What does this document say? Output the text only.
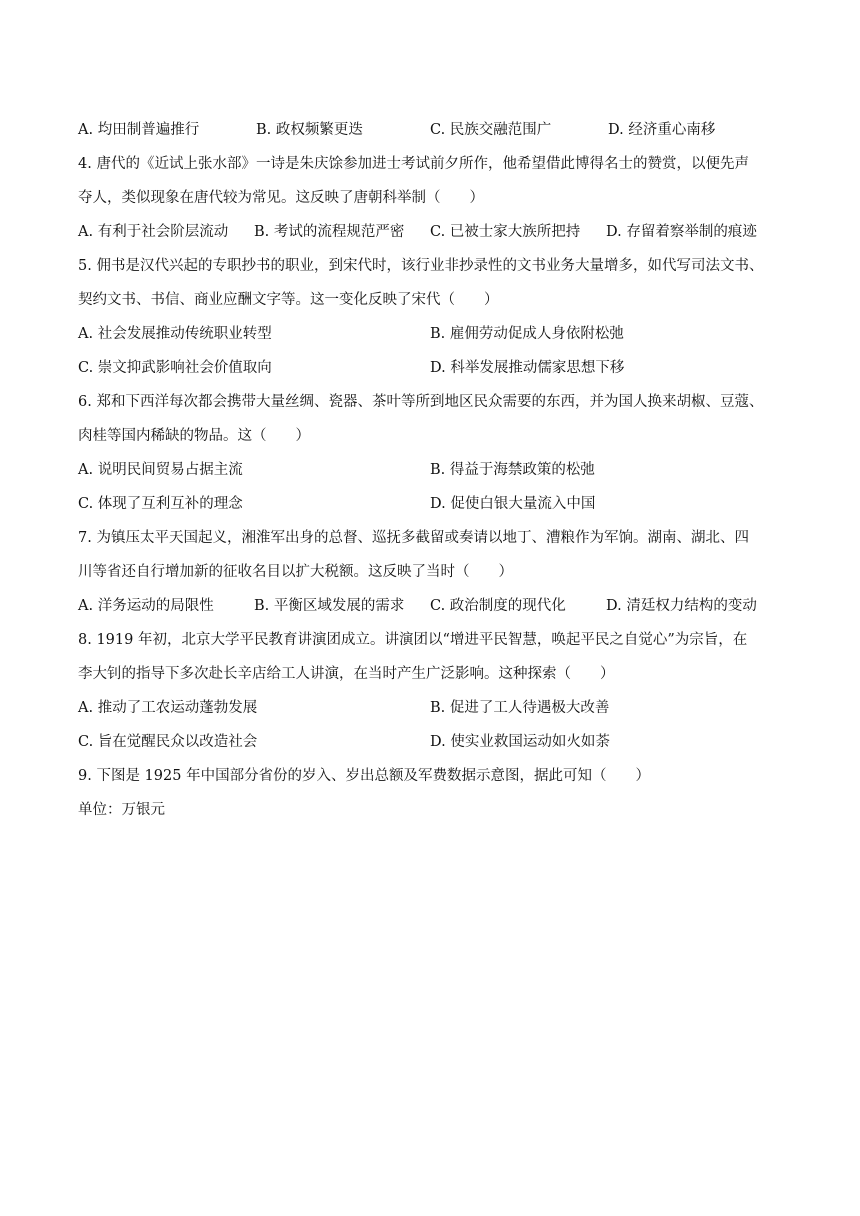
A. 均田制普遍推行	B. 政权频繁更迭	C. 民族交融范围广	D. 经济重心南移
4. 唐代的《近试上张水部》一诗是朱庆馀参加进士考试前夕所作，他希望借此博得名士的赞赏，以便先声
夺人，类似现象在唐代较为常见。这反映了唐朝科举制（　　）
A. 有利于社会阶层流动 B. 考试的流程规范严密 C. 已被士家大族所把持 D. 存留着察举制的痕迹
5. 佣书是汉代兴起的专职抄书的职业，到宋代时，该行业非抄录性的文书业务大量增多，如代写司法文书、
契约文书、书信、商业应酬文字等。这一变化反映了宋代（　　）
A. 社会发展推动传统职业转型	B. 雇佣劳动促成人身依附松弛
C. 崇文抑武影响社会价值取向	D. 科举发展推动儒家思想下移
6. 郑和下西洋每次都会携带大量丝绸、瓷器、茶叶等所到地区民众需要的东西，并为国人换来胡椒、豆蔻、
肉桂等国内稀缺的物品。这（　　）
A. 说明民间贸易占据主流	B. 得益于海禁政策的松弛
C. 体现了互利互补的理念	D. 促使白银大量流入中国
7. 为镇压太平天国起义，湘淮军出身的总督、巡抚多截留或奏请以地丁、漕粮作为军饷。湖南、湖北、四
川等省还自行增加新的征收名目以扩大税额。这反映了当时（　　）
A. 洋务运动的局限性	B. 平衡区域发展的需求 C. 政治制度的现代化	D. 清廷权力结构的变动
8. 1919 年初，北京大学平民教育讲演团成立。讲演团以“增进平民智慧，唤起平民之自觉心”为宗旨，在
李大钊的指导下多次赴长辛店给工人讲演，在当时产生广泛影响。这种探索（　　）
A. 推动了工农运动蓬勃发展	B. 促进了工人待遇极大改善
C. 旨在觉醒民众以改造社会	D. 使实业救国运动如火如荼
9. 下图是 1925 年中国部分省份的岁入、岁出总额及军费数据示意图，据此可知（　　）
单位：万银元
